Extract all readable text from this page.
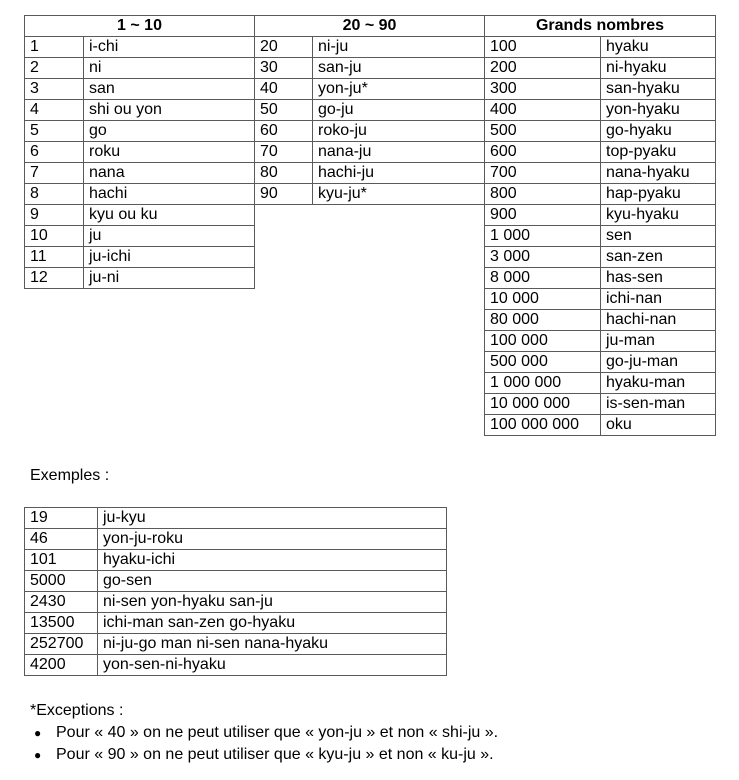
1 ~ 10		20 ~ 90		Grands nombres	
1	i-chi	20	ni-ju	100	hyaku
2	ni	30	san-ju	200	ni-hyaku
3	san	40	yon-ju*	300	san-hyaku
4	shi ou yon	50	go-ju	400	yon-hyaku
5	go	60	roko-ju	500	go-hyaku
6	roku	70	nana-ju	600	top-pyaku
7	nana	80	hachi-ju	700	nana-hyaku
8	hachi	90	kyu-ju*	800	hap-pyaku
9	kyu ou ku			900	kyu-hyaku
10	ju			1 000	sen
11	ju-ichi			3 000	san-zen
12	ju-ni			8 000	has-sen
				10 000	ichi-nan
				80 000	hachi-nan
				100 000	ju-man
				500 000	go-ju-man
				1 000 000	hyaku-man
				10 000 000	is-sen-man
				100 000 000	oku
Exemples :
19	ju-kyu
46	yon-ju-roku
101	hyaku-ichi
5000	go-sen
2430	ni-sen yon-hyaku san-ju
13500	ichi-man san-zen go-hyaku
252700	ni-ju-go man ni-sen nana-hyaku
4200	yon-sen-ni-hyaku
*Exceptions :
● Pour « 40 » on ne peut utiliser que « yon-ju » et non « shi-ju ».
● Pour « 90 » on ne peut utiliser que « kyu-ju » et non « ku-ju ».
